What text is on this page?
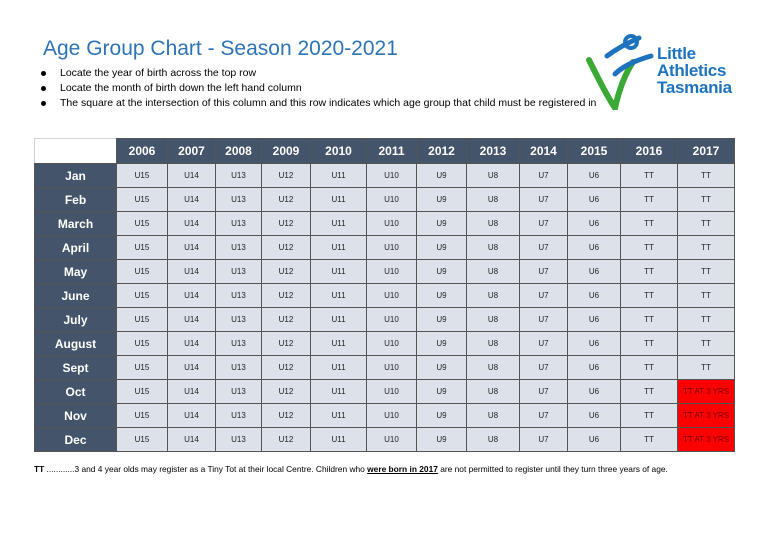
Age Group Chart - Season 2020-2021
Locate the year of birth across the top row
Locate the month of birth down the left hand column
The square at the intersection of this column and this row indicates which age group that child must be registered in
Little
Athletics
Tasmania
	2006	2007	2008	2009	2010	2011	2012	2013	2014	2015	2016	2017
Jan	U15	U14	U13	U12	U11	U10	U9	U8	U7	U6	TT	TT
Feb	U15	U14	U13	U12	U11	U10	U9	U8	U7	U6	TT	TT
March	U15	U14	U13	U12	U11	U10	U9	U8	U7	U6	TT	TT
April	U15	U14	U13	U12	U11	U10	U9	U8	U7	U6	TT	TT
May	U15	U14	U13	U12	U11	U10	U9	U8	U7	U6	TT	TT
June	U15	U14	U13	U12	U11	U10	U9	U8	U7	U6	TT	TT
July	U15	U14	U13	U12	U11	U10	U9	U8	U7	U6	TT	TT
August	U15	U14	U13	U12	U11	U10	U9	U8	U7	U6	TT	TT
Sept	U15	U14	U13	U12	U11	U10	U9	U8	U7	U6	TT	TT
Oct	U15	U14	U13	U12	U11	U10	U9	U8	U7	U6	TT	TT AT 3 YRS
Nov	U15	U14	U13	U12	U11	U10	U9	U8	U7	U6	TT	TT AT 3 YRS
Dec	U15	U14	U13	U12	U11	U10	U9	U8	U7	U6	TT	TT AT 3 YRS
TT ............3 and 4 year olds may register as a Tiny Tot at their local Centre. Children who were born in 2017 are not permitted to register until they turn three years of age.
